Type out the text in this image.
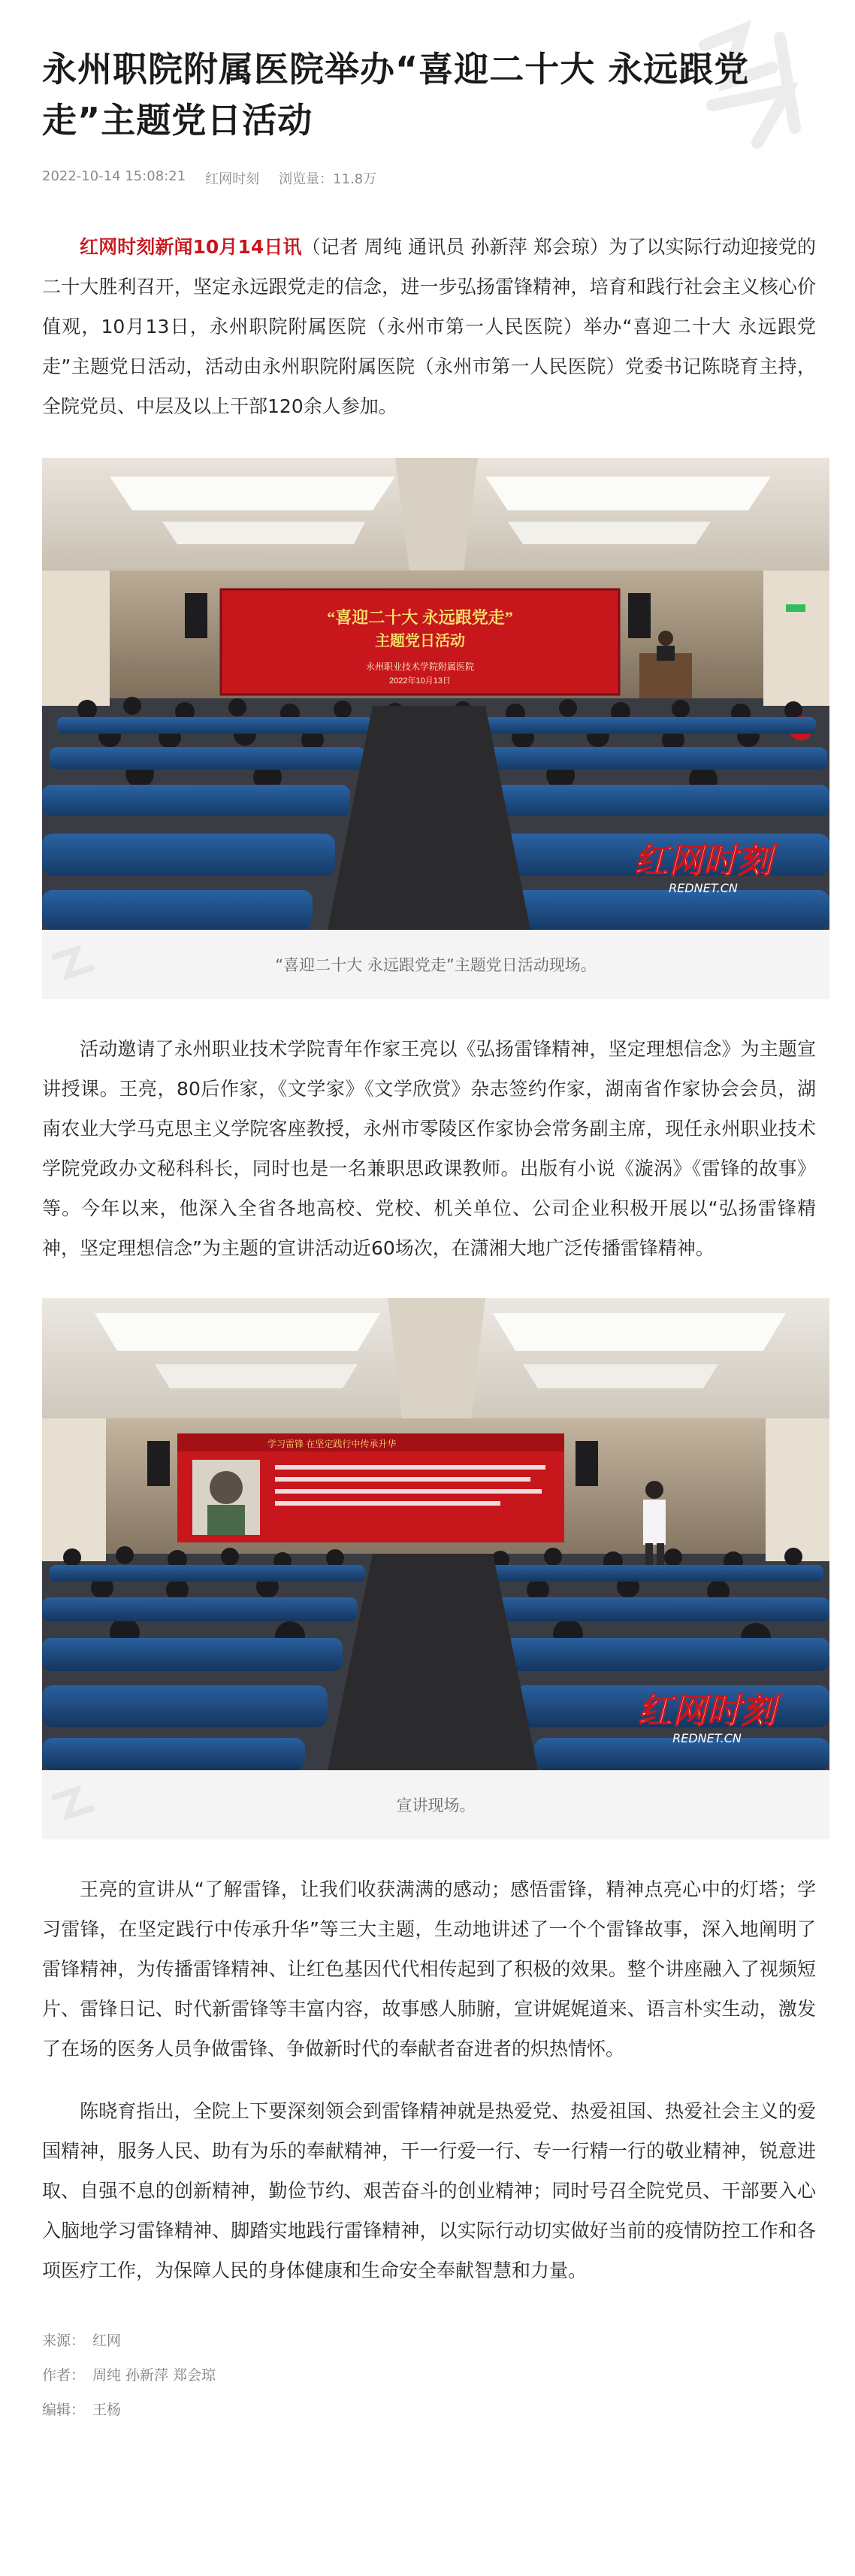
永州职院附属医院举办“喜迎二十大 永远跟党走”主题党日活动
2022-10-14 15:08:21 红网时刻 浏览量：11.8万

红网时刻新闻10月14日讯（记者 周纯 通讯员 孙新萍 郑会琼）为了以实际行动迎接党的二十大胜利召开，坚定永远跟党走的信念，进一步弘扬雷锋精神，培育和践行社会主义核心价值观，10月13日，永州职院附属医院（永州市第一人民医院）举办“喜迎二十大 永远跟党走”主题党日活动，活动由永州职院附属医院（永州市第一人民医院）党委书记陈晓育主持，全院党员、中层及以上干部120余人参加。

“喜迎二十大 永远跟党走”
主题党日活动
永州职业技术学院附属医院
2022年10月13日
红网时刻
REDNET.CN
“喜迎二十大 永远跟党走”主题党日活动现场。

活动邀请了永州职业技术学院青年作家王亮以《弘扬雷锋精神，坚定理想信念》为主题宣讲授课。王亮，80后作家，《文学家》《文学欣赏》杂志签约作家，湖南省作家协会会员，湖南农业大学马克思主义学院客座教授，永州市零陵区作家协会常务副主席，现任永州职业技术学院党政办文秘科科长，同时也是一名兼职思政课教师。出版有小说《漩涡》《雷锋的故事》等。今年以来，他深入全省各地高校、党校、机关单位、公司企业积极开展以“弘扬雷锋精神，坚定理想信念”为主题的宣讲活动近60场次，在潇湘大地广泛传播雷锋精神。

学习雷锋 在坚定践行中传承升华
红网时刻
REDNET.CN
宣讲现场。

王亮的宣讲从“了解雷锋，让我们收获满满的感动；感悟雷锋，精神点亮心中的灯塔；学习雷锋，在坚定践行中传承升华”等三大主题，生动地讲述了一个个雷锋故事，深入地阐明了雷锋精神，为传播雷锋精神、让红色基因代代相传起到了积极的效果。整个讲座融入了视频短片、雷锋日记、时代新雷锋等丰富内容，故事感人肺腑，宣讲娓娓道来、语言朴实生动，激发了在场的医务人员争做雷锋、争做新时代的奉献者奋进者的炽热情怀。

陈晓育指出，全院上下要深刻领会到雷锋精神就是热爱党、热爱祖国、热爱社会主义的爱国精神，服务人民、助有为乐的奉献精神，干一行爱一行、专一行精一行的敬业精神，锐意进取、自强不息的创新精神，勤俭节约、艰苦奋斗的创业精神；同时号召全院党员、干部要入心入脑地学习雷锋精神、脚踏实地践行雷锋精神，以实际行动切实做好当前的疫情防控工作和各项医疗工作，为保障人民的身体健康和生命安全奉献智慧和力量。

来源： 红网
作者： 周纯 孙新萍 郑会琼
编辑： 王杨
